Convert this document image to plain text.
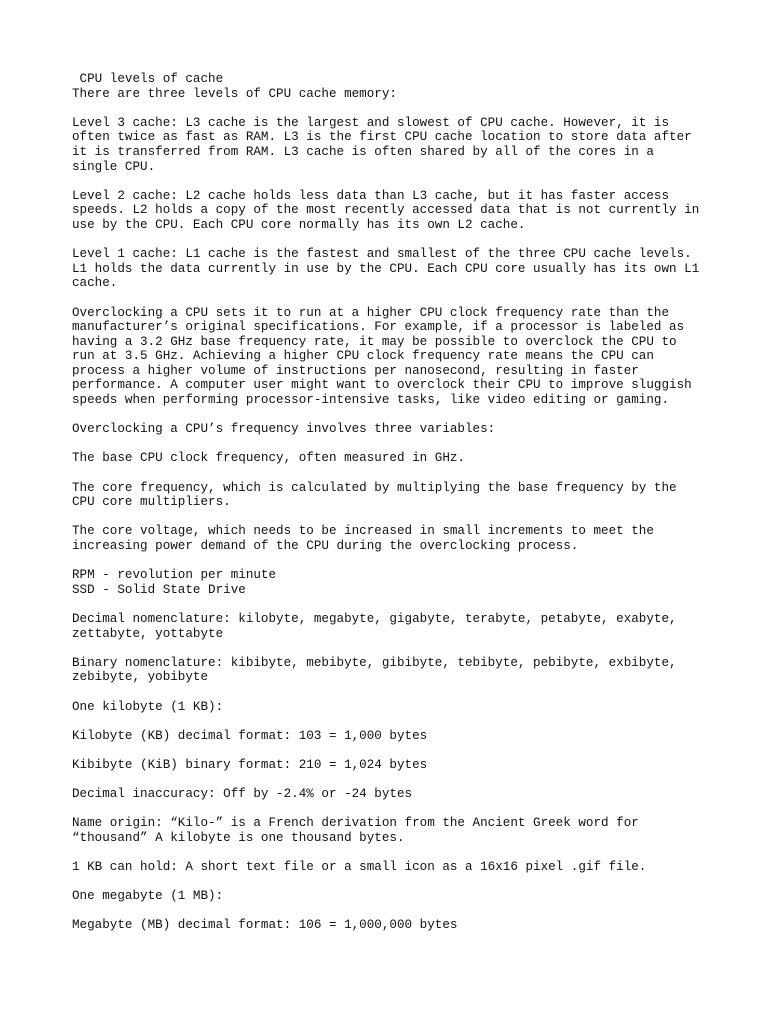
CPU levels of cache
There are three levels of CPU cache memory:
Level 3 cache: L3 cache is the largest and slowest of CPU cache. However, it is
often twice as fast as RAM. L3 is the first CPU cache location to store data after
it is transferred from RAM. L3 cache is often shared by all of the cores in a
single CPU.
Level 2 cache: L2 cache holds less data than L3 cache, but it has faster access
speeds. L2 holds a copy of the most recently accessed data that is not currently in
use by the CPU. Each CPU core normally has its own L2 cache.
Level 1 cache: L1 cache is the fastest and smallest of the three CPU cache levels.
L1 holds the data currently in use by the CPU. Each CPU core usually has its own L1
cache.
Overclocking a CPU sets it to run at a higher CPU clock frequency rate than the
manufacturer’s original specifications. For example, if a processor is labeled as
having a 3.2 GHz base frequency rate, it may be possible to overclock the CPU to
run at 3.5 GHz. Achieving a higher CPU clock frequency rate means the CPU can
process a higher volume of instructions per nanosecond, resulting in faster
performance. A computer user might want to overclock their CPU to improve sluggish
speeds when performing processor-intensive tasks, like video editing or gaming.
Overclocking a CPU’s frequency involves three variables:
The base CPU clock frequency, often measured in GHz.
The core frequency, which is calculated by multiplying the base frequency by the
CPU core multipliers.
The core voltage, which needs to be increased in small increments to meet the
increasing power demand of the CPU during the overclocking process.
RPM - revolution per minute
SSD - Solid State Drive
Decimal nomenclature: kilobyte, megabyte, gigabyte, terabyte, petabyte, exabyte,
zettabyte, yottabyte
Binary nomenclature: kibibyte, mebibyte, gibibyte, tebibyte, pebibyte, exbibyte,
zebibyte, yobibyte
One kilobyte (1 KB):
Kilobyte (KB) decimal format: 103 = 1,000 bytes
Kibibyte (KiB) binary format: 210 = 1,024 bytes
Decimal inaccuracy: Off by -2.4% or -24 bytes
Name origin: “Kilo-” is a French derivation from the Ancient Greek word for
“thousand” A kilobyte is one thousand bytes.
1 KB can hold: A short text file or a small icon as a 16x16 pixel .gif file.
One megabyte (1 MB):
Megabyte (MB) decimal format: 106 = 1,000,000 bytes
